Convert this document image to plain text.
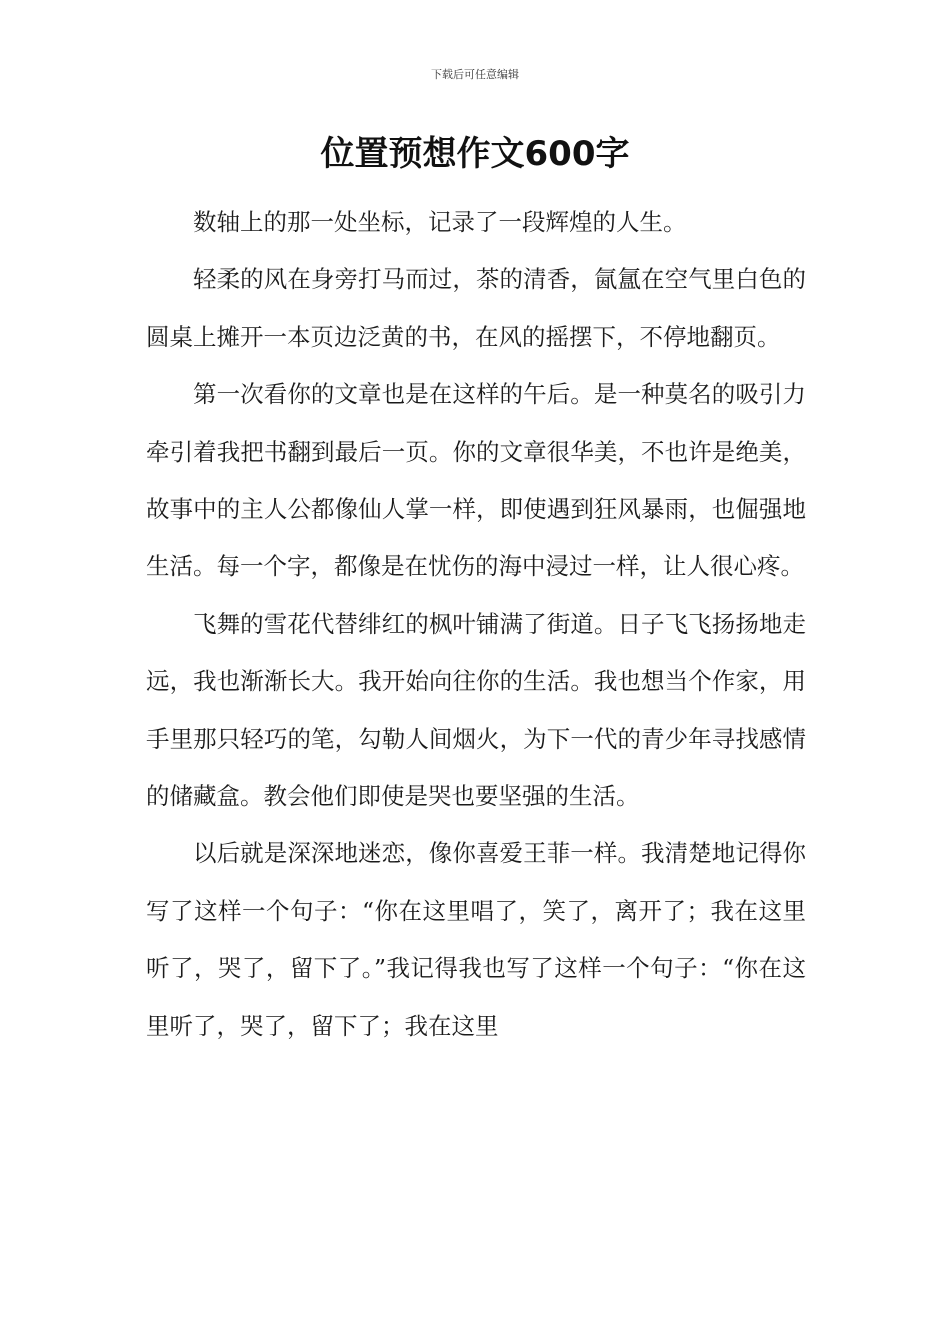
下载后可任意编辑
位置预想作文600字

数轴上的那一处坐标，记录了一段辉煌的人生。

轻柔的风在身旁打马而过，茶的清香，氤氲在空气里白色的圆桌上摊开一本页边泛黄的书，在风的摇摆下，不停地翻页。

第一次看你的文章也是在这样的午后。是一种莫名的吸引力牵引着我把书翻到最后一页。你的文章很华美，不也许是绝美，故事中的主人公都像仙人掌一样，即使遇到狂风暴雨，也倔强地生活。每一个字，都像是在忧伤的海中浸过一样，让人很心疼。

飞舞的雪花代替绯红的枫叶铺满了街道。日子飞飞扬扬地走远，我也渐渐长大。我开始向往你的生活。我也想当个作家，用手里那只轻巧的笔，勾勒人间烟火，为下一代的青少年寻找感情的储藏盒。教会他们即使是哭也要坚强的生活。

以后就是深深地迷恋，像你喜爱王菲一样。我清楚地记得你写了这样一个句子：“你在这里唱了，笑了，离开了；我在这里听了，哭了，留下了。”我记得我也写了这样一个句子：“你在这里听了，哭了，留下了；我在这里
